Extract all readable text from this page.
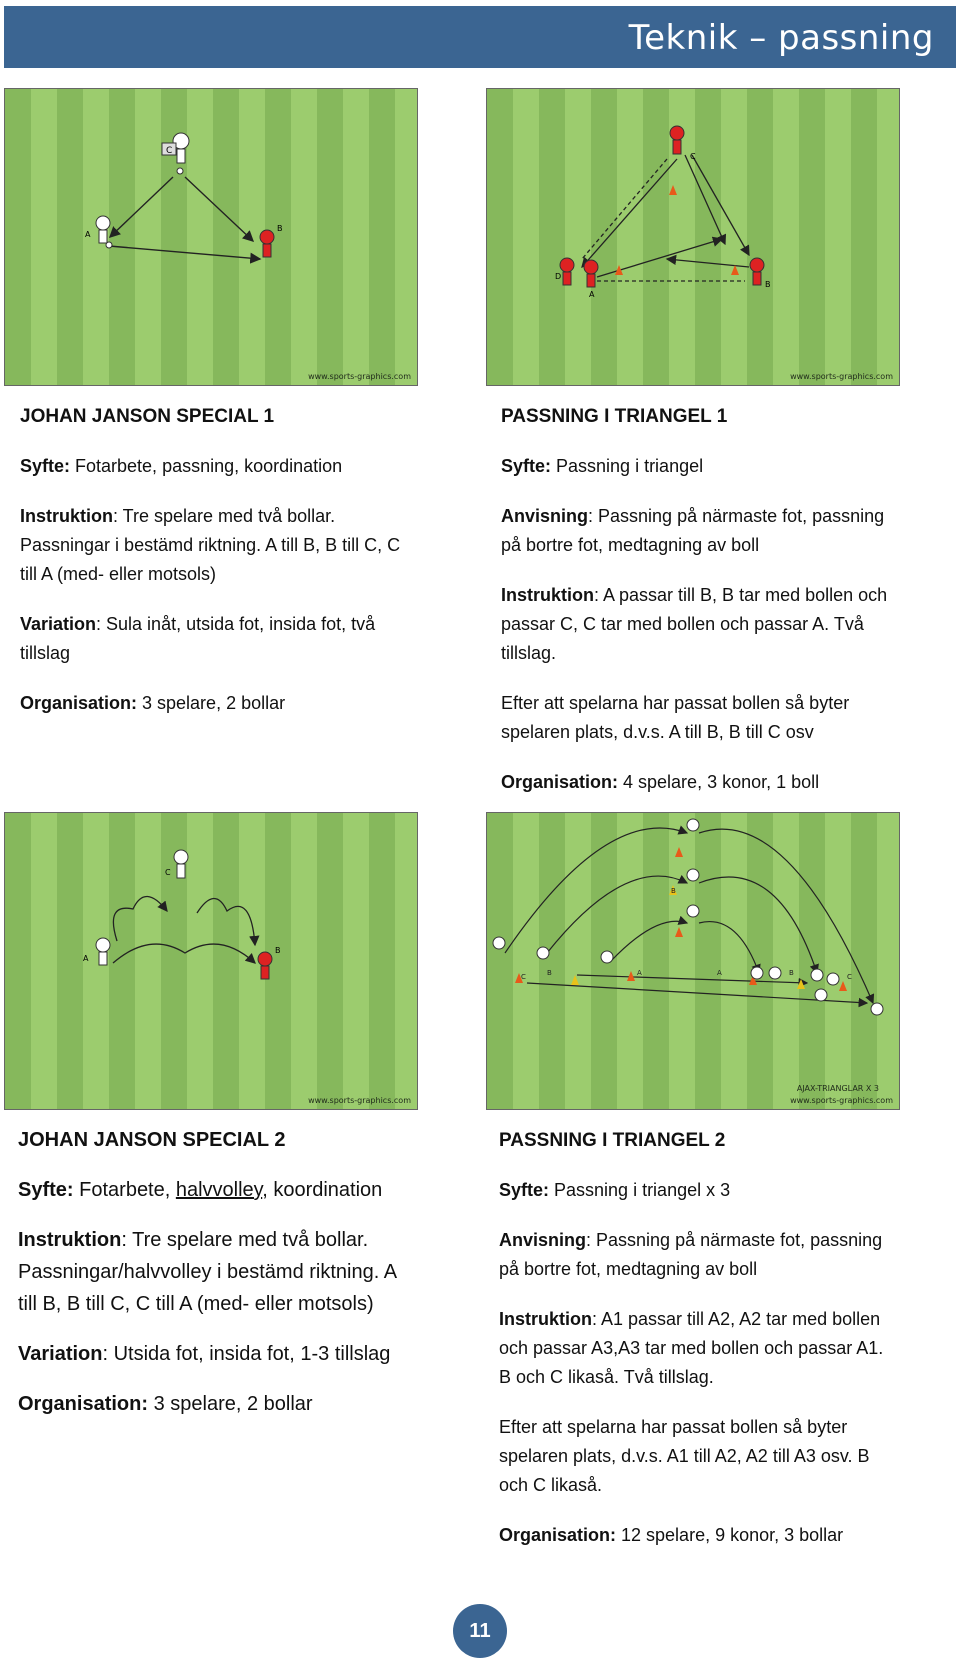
Teknik – passning
C
A
B
www.sports-graphics.com
C
D
A
B
www.sports-graphics.com

JOHAN JANSON SPECIAL 1

Syfte: Fotarbete, passning, koordination

Instruktion: Tre spelare med två bollar.

Passningar i bestämd riktning. A till B, B till C, C

till A (med- eller motsols)

Variation: Sula inåt, utsida fot, insida fot, två

tillslag

Organisation: 3 spelare, 2 bollar

PASSNING I TRIANGEL 1

Syfte: Passning i triangel

Anvisning: Passning på närmaste fot, passning

på bortre fot, medtagning av boll

Instruktion: A passar till B, B tar med bollen och

passar C, C tar med bollen och passar A. Två

tillslag.

Efter att spelarna har passat bollen så byter

spelaren plats, d.v.s. A till B, B till C osv

Organisation: 4 spelare, 3 konor, 1 boll

C
A
B
www.sports-graphics.com
C	B	A	A	B	C
B
AJAX-TRIANGLAR X 3
www.sports-graphics.com

JOHAN JANSON SPECIAL 2

Syfte: Fotarbete, halvvolley, koordination

Instruktion: Tre spelare med två bollar.

Passningar/halvvolley i bestämd riktning. A

till B, B till C, C till A (med- eller motsols)

Variation: Utsida fot, insida fot, 1-3 tillslag

Organisation: 3 spelare, 2 bollar

PASSNING I TRIANGEL 2

Syfte: Passning i triangel x 3

Anvisning: Passning på närmaste fot, passning

på bortre fot, medtagning av boll

Instruktion: A1 passar till A2, A2 tar med bollen

och passar A3,A3 tar med bollen och passar A1.

B och C likaså. Två tillslag.

Efter att spelarna har passat bollen så byter

spelaren plats, d.v.s. A1 till A2, A2 till A3 osv. B

och C likaså.

Organisation: 12 spelare, 9 konor, 3 bollar

11
